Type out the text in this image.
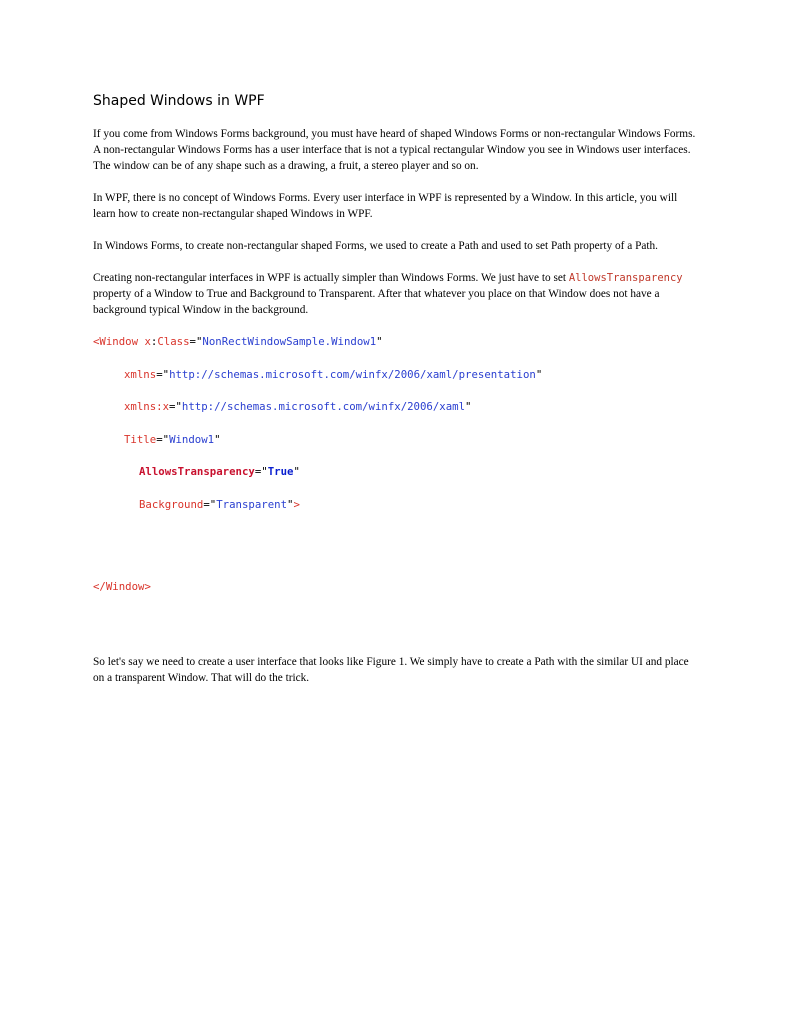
Shaped Windows in WPF

If you come from Windows Forms background, you must have heard of shaped Windows Forms or non-rectangular Windows Forms. A non-rectangular Windows Forms has a user interface that is not a typical rectangular Window you see in Windows user interfaces. The window can be of any shape such as a drawing, a fruit, a stereo player and so on.

In WPF, there is no concept of Windows Forms. Every user interface in WPF is represented by a Window. In this article, you will learn how to create non-rectangular shaped Windows in WPF.

In Windows Forms, to create non-rectangular shaped Forms, we used to create a Path and used to set Path property of a Path.

Creating non-rectangular interfaces in WPF is actually simpler than Windows Forms. We just have to set AllowsTransparency property of a Window to True and Background to Transparent. After that whatever you place on that Window does not have a background typical Window in the background.

<Window x:Class="NonRectWindowSample.Window1"
xmlns="http://schemas.microsoft.com/winfx/2006/xaml/presentation"
xmlns:x="http://schemas.microsoft.com/winfx/2006/xaml"
Title="Window1"
AllowsTransparency="True"
Background="Transparent">
</Window>

So let's say we need to create a user interface that looks like Figure 1. We simply have to create a Path with the similar UI and place on a transparent Window. That will do the trick.
